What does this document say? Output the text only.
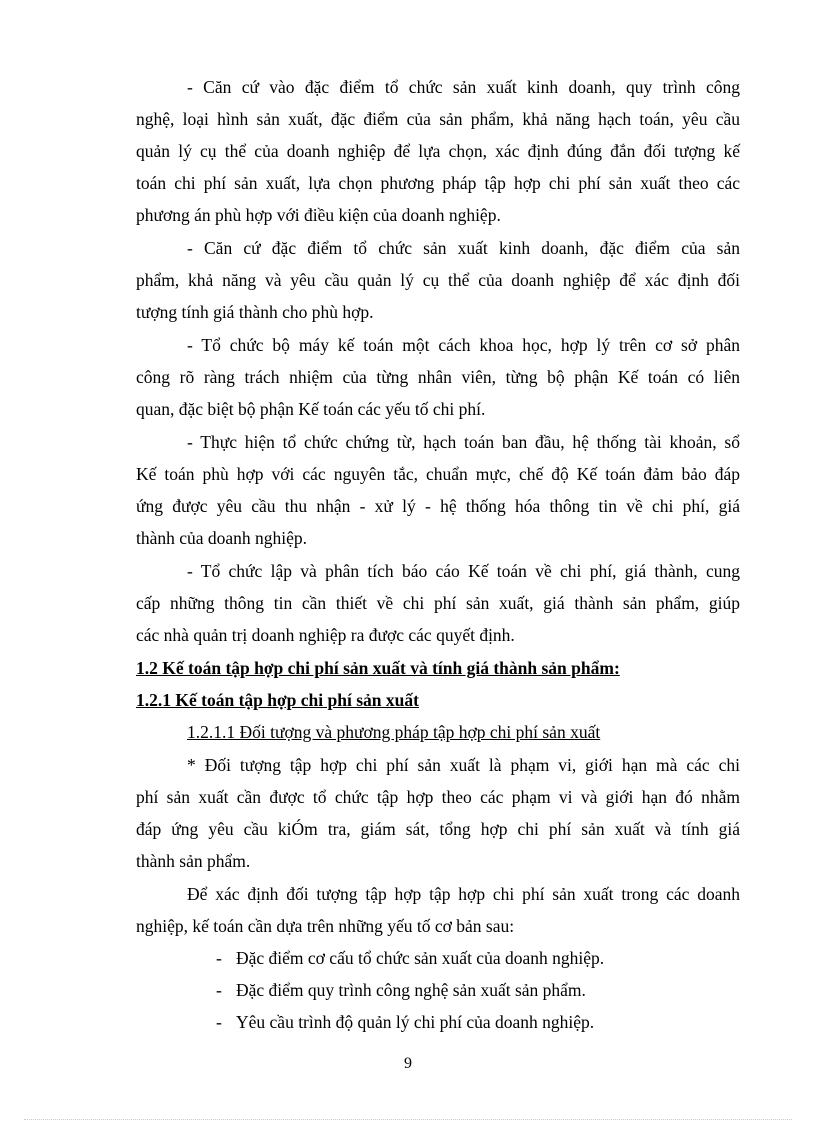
- Căn cứ vào đặc điểm tổ chức sản xuất kinh doanh, quy trình công
nghệ, loại hình sản xuất, đặc điểm của sản phẩm, khả năng hạch toán, yêu cầu
quản lý cụ thể của doanh nghiệp để lựa chọn, xác định đúng đắn đối tượng kế
toán chi phí sản xuất, lựa chọn phương pháp tập hợp chi phí sản xuất theo các
phương án phù hợp với điều kiện của doanh nghiệp.
- Căn cứ đặc điểm tổ chức sản xuất kinh doanh, đặc điểm của sản
phẩm, khả năng và yêu cầu quản lý cụ thể của doanh nghiệp để xác định đối
tượng tính giá thành cho phù hợp.
- Tổ chức bộ máy kế toán một cách khoa học, hợp lý trên cơ sở phân
công rõ ràng trách nhiệm của từng nhân viên, từng bộ phận Kế toán có liên
quan, đặc biệt bộ phận Kế toán các yếu tố chi phí.
- Thực hiện tổ chức chứng từ, hạch toán ban đầu, hệ thống tài khoản, sổ
Kế toán phù hợp với các nguyên tắc, chuẩn mực, chế độ Kế toán đảm bảo đáp
ứng được yêu cầu thu nhận - xử lý - hệ thống hóa thông tin về chi phí, giá
thành của doanh nghiệp.
- Tổ chức lập và phân tích báo cáo Kế toán về chi phí, giá thành, cung
cấp những thông tin cần thiết về chi phí sản xuất, giá thành sản phẩm, giúp
các nhà quản trị doanh nghiệp ra được các quyết định.
1.2 Kế toán tập hợp chi phí sản xuất và tính giá thành sản phẩm:
1.2.1 Kế toán tập hợp chi phí sản xuất
1.2.1.1 Đối tượng và phương pháp tập hợp chi phí sản xuất
* Đối tượng tập hợp chi phí sản xuất là phạm vi, giới hạn mà các chi
phí sản xuất cần được tổ chức tập hợp theo các phạm vi và giới hạn đó nhằm
đáp ứng yêu cầu kiÓm tra, giám sát, tổng hợp chi phí sản xuất và tính giá
thành sản phẩm.
Để xác định đối tượng tập hợp tập hợp chi phí sản xuất trong các doanh
nghiệp, kế toán cần dựa trên những yếu tố cơ bản sau:
- Đặc điểm cơ cấu tổ chức sản xuất của doanh nghiệp.
- Đặc điểm quy trình công nghệ sản xuất sản phẩm.
- Yêu cầu trình độ quản lý chi phí của doanh nghiệp.
9
